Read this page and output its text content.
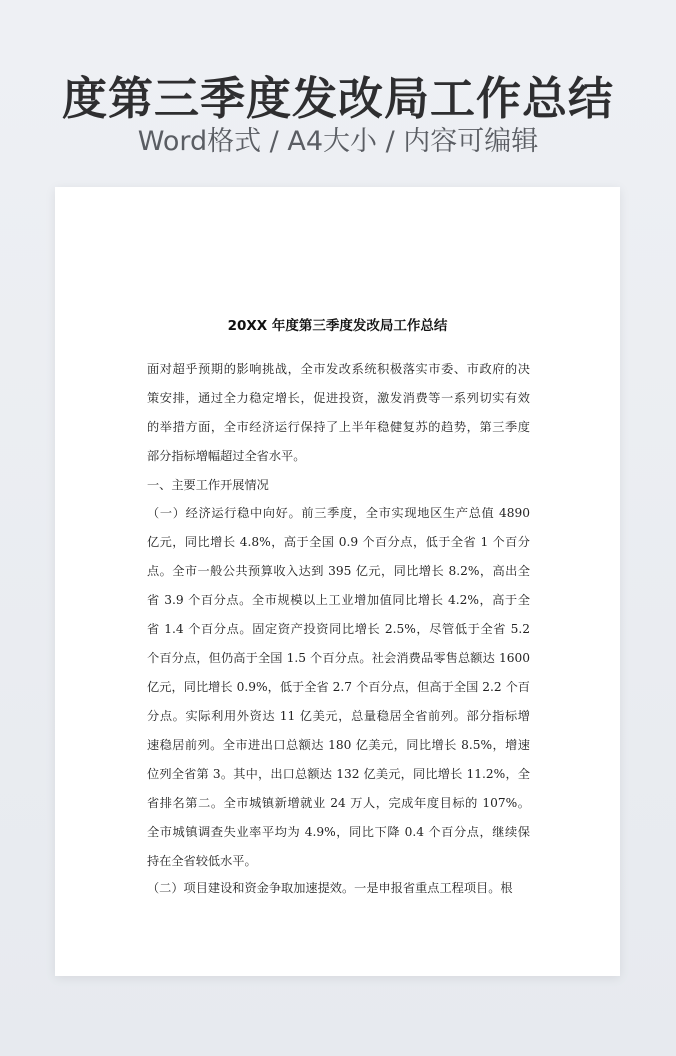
度第三季度发改局工作总结
Word格式 / A4大小 / 内容可编辑
20XX 年度第三季度发改局工作总结
面对超乎预期的影响挑战，全市发改系统积极落实市委、市政府的决
策安排，通过全力稳定增长，促进投资，激发消费等一系列切实有效
的举措方面，全市经济运行保持了上半年稳健复苏的趋势，第三季度
部分指标增幅超过全省水平。
一、主要工作开展情况
（一）经济运行稳中向好。前三季度，全市实现地区生产总值 4890
亿元，同比增长 4.8%，高于全国 0.9 个百分点，低于全省 1 个百分
点。全市一般公共预算收入达到 395 亿元，同比增长 8.2%，高出全
省 3.9 个百分点。全市规模以上工业增加值同比增长 4.2%，高于全
省 1.4 个百分点。固定资产投资同比增长 2.5%，尽管低于全省 5.2
个百分点，但仍高于全国 1.5 个百分点。社会消费品零售总额达 1600
亿元，同比增长 0.9%，低于全省 2.7 个百分点，但高于全国 2.2 个百
分点。实际利用外资达 11 亿美元，总量稳居全省前列。部分指标增
速稳居前列。全市进出口总额达 180 亿美元，同比增长 8.5%，增速
位列全省第 3。其中，出口总额达 132 亿美元，同比增长 11.2%，全
省排名第二。全市城镇新增就业 24 万人，完成年度目标的 107%。
全市城镇调查失业率平均为 4.9%，同比下降 0.4 个百分点，继续保
持在全省较低水平。
（二）项目建设和资金争取加速提效。一是申报省重点工程项目。根
